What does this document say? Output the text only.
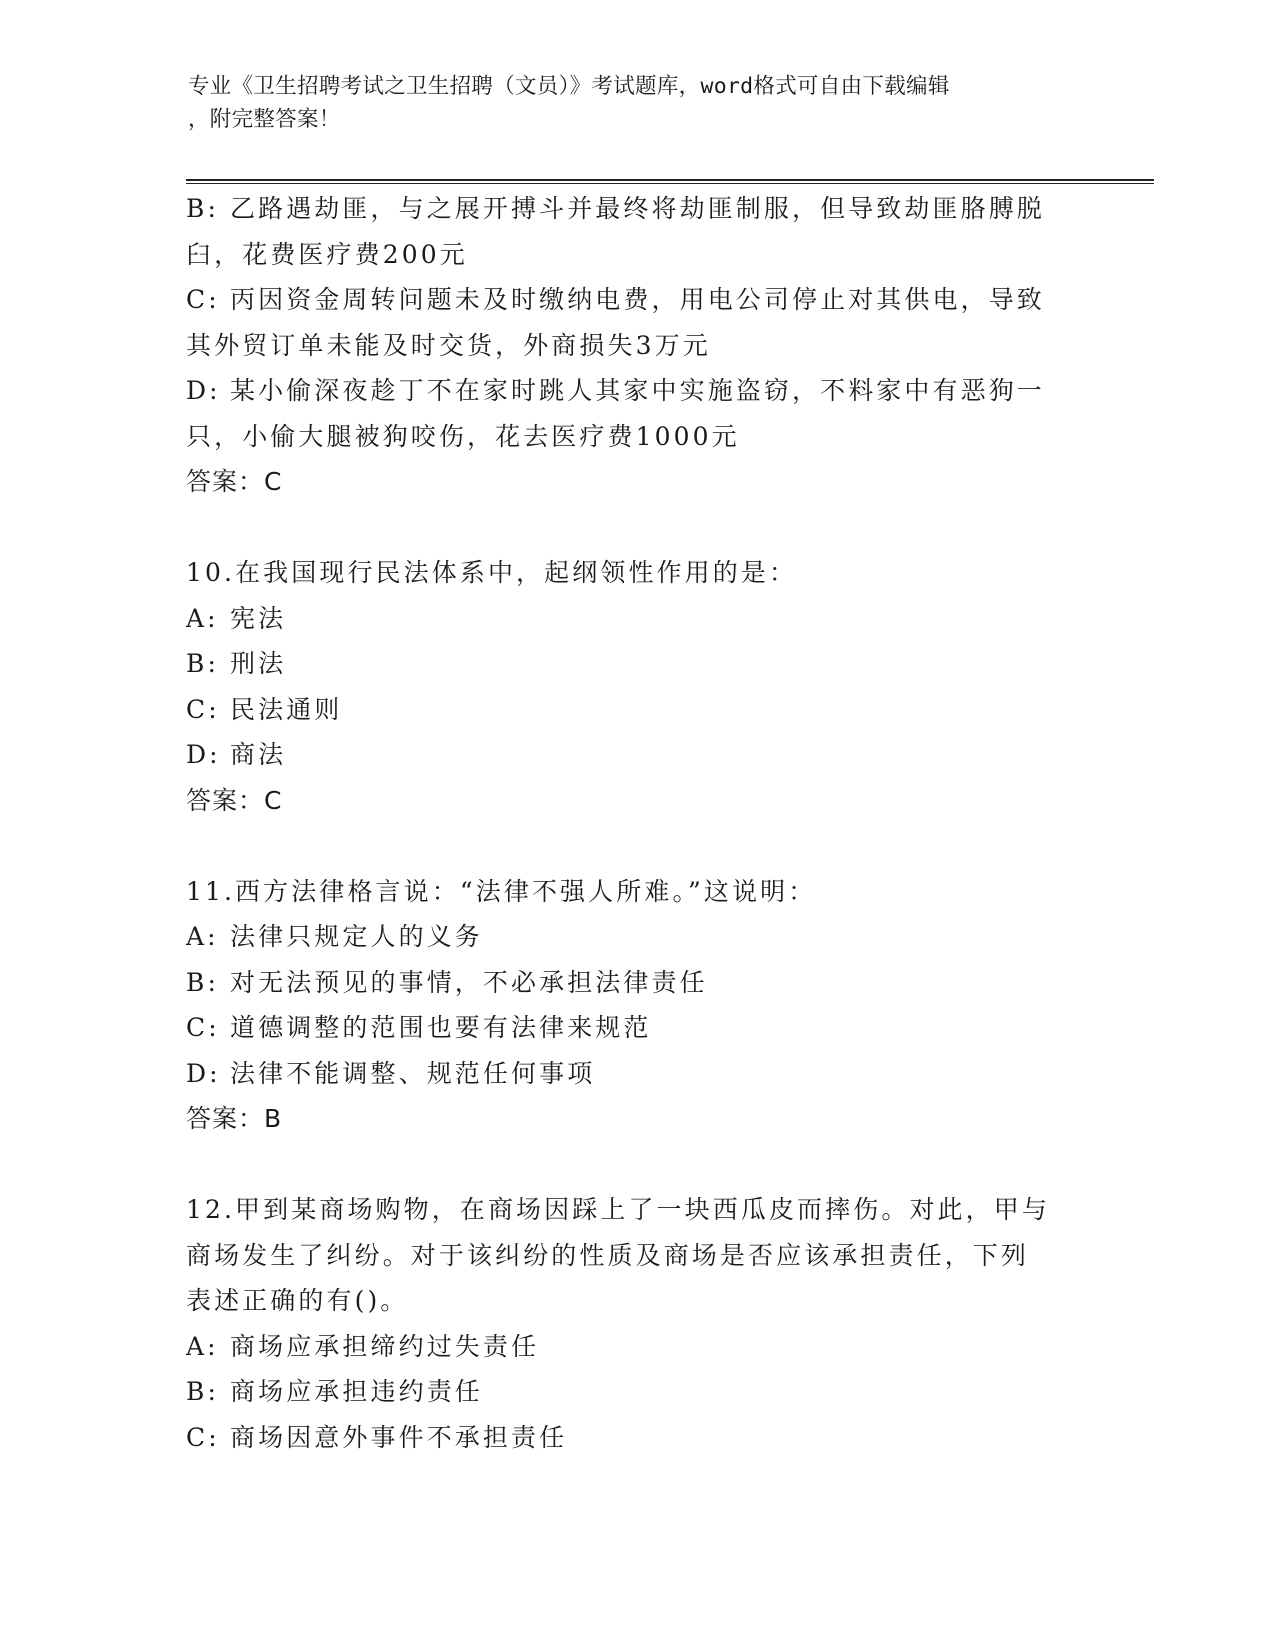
专业《卫生招聘考试之卫生招聘（文员）》考试题库，word格式可自由下载编辑
，附完整答案！
B: 乙路遇劫匪，与之展开搏斗并最终将劫匪制服，但导致劫匪胳膊脱
臼，花费医疗费200元
C: 丙因资金周转问题未及时缴纳电费，用电公司停止对其供电，导致
其外贸订单未能及时交货，外商损失3万元
D: 某小偷深夜趁丁不在家时跳人其家中实施盗窃，不料家中有恶狗一
只，小偷大腿被狗咬伤，花去医疗费1000元
答案：C
10.在我国现行民法体系中，起纲领性作用的是：
A: 宪法
B: 刑法
C: 民法通则
D: 商法
答案：C
11.西方法律格言说：“法律不强人所难。”这说明：
A: 法律只规定人的义务
B: 对无法预见的事情，不必承担法律责任
C: 道德调整的范围也要有法律来规范
D: 法律不能调整、规范任何事项
答案：B
12.甲到某商场购物，在商场因踩上了一块西瓜皮而摔伤。对此，甲与
商场发生了纠纷。对于该纠纷的性质及商场是否应该承担责任，下列
表述正确的有()。
A: 商场应承担缔约过失责任
B: 商场应承担违约责任
C: 商场因意外事件不承担责任
